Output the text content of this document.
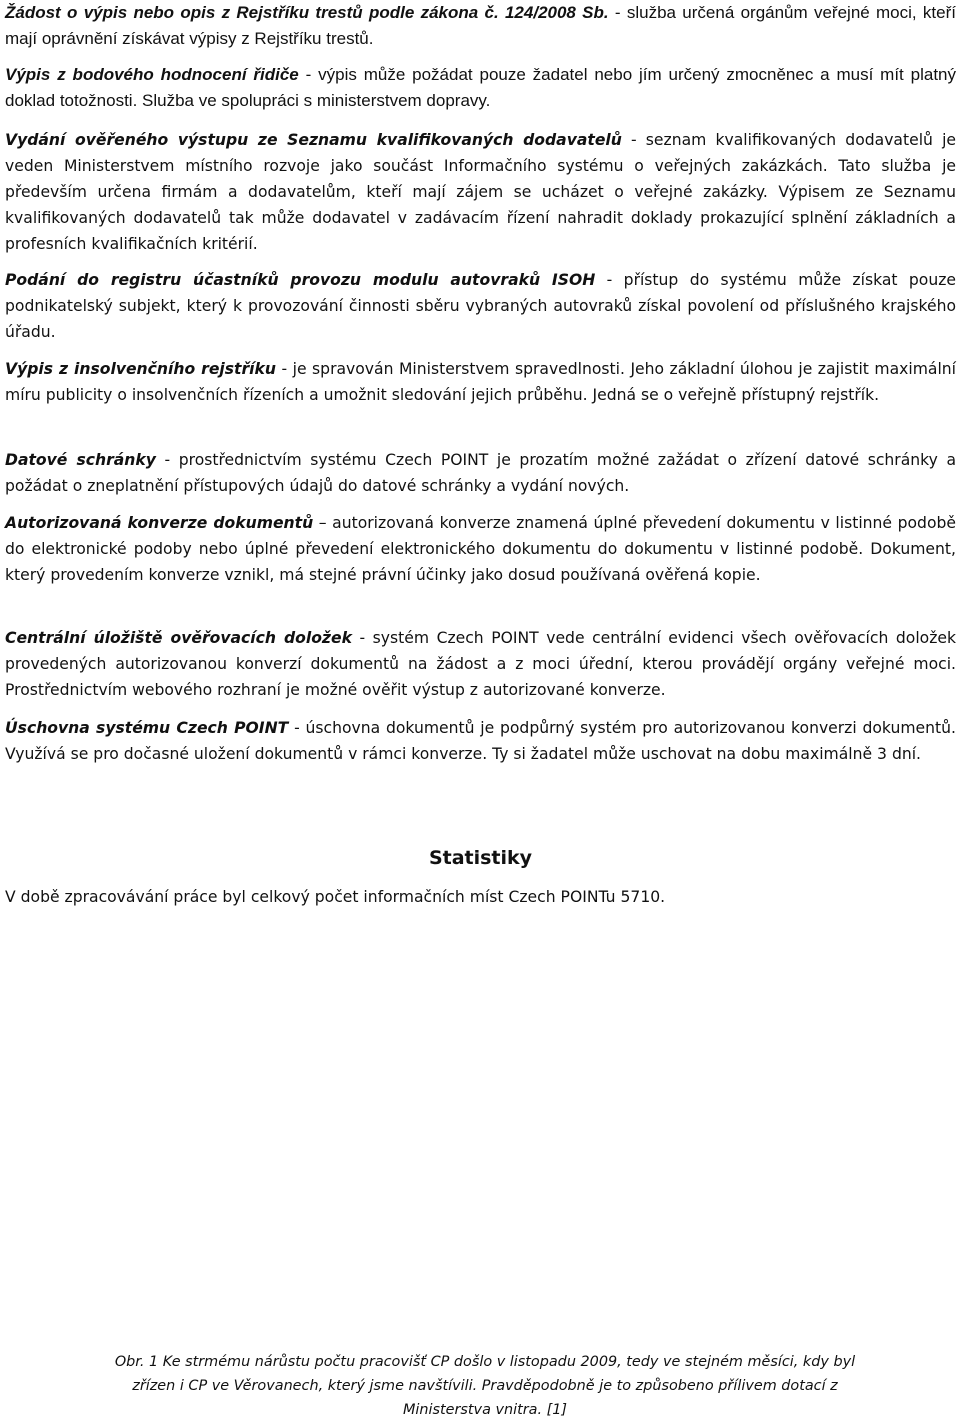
Žádost o výpis nebo opis z Rejstříku trestů podle zákona č. 124/2008 Sb. - služba určená orgánům veřejné moci, kteří mají oprávnění získávat výpisy z Rejstříku trestů.

Výpis z bodového hodnocení řidiče - výpis může požádat pouze žadatel nebo jím určený zmocněnec a musí mít platný doklad totožnosti. Služba ve spolupráci s ministerstvem dopravy.

Vydání ověřeného výstupu ze Seznamu kvalifikovaných dodavatelů - seznam kvalifikovaných dodavatelů je veden Ministerstvem místního rozvoje jako součást Informačního systému o veřejných zakázkách. Tato služba je především určena firmám a dodavatelům, kteří mají zájem se ucházet o veřejné zakázky. Výpisem ze Seznamu kvalifikovaných dodavatelů tak může dodavatel v zadávacím řízení nahradit doklady prokazující splnění základních a profesních kvalifikačních kritérií.

Podání do registru účastníků provozu modulu autovraků ISOH - přístup do systému může získat pouze podnikatelský subjekt, který k provozování činnosti sběru vybraných autovraků získal povolení od příslušného krajského úřadu.

Výpis z insolvenčního rejstříku - je spravován Ministerstvem spravedlnosti. Jeho základní úlohou je zajistit maximální míru publicity o insolvenčních řízeních a umožnit sledování jejich průběhu. Jedná se o veřejně přístupný rejstřík.

Datové schránky - prostřednictvím systému Czech POINT je prozatím možné zažádat o zřízení datové schránky a požádat o zneplatnění přístupových údajů do datové schránky a vydání nových.

Autorizovaná konverze dokumentů – autorizovaná konverze znamená úplné převedení dokumentu v listinné podobě do elektronické podoby nebo úplné převedení elektronického dokumentu do dokumentu v listinné podobě. Dokument, který provedením konverze vznikl, má stejné právní účinky jako dosud používaná ověřená kopie.

Centrální úložiště ověřovacích doložek - systém Czech POINT vede centrální evidenci všech ověřovacích doložek provedených autorizovanou konverzí dokumentů na žádost a z moci úřední, kterou provádějí orgány veřejné moci. Prostřednictvím webového rozhraní je možné ověřit výstup z autorizované konverze.

Úschovna systému Czech POINT - úschovna dokumentů je podpůrný systém pro autorizovanou konverzi dokumentů. Využívá se pro dočasné uložení dokumentů v rámci konverze. Ty si žadatel může uschovat na dobu maximálně 3 dní.

Statistiky

V době zpracovávání práce byl celkový počet informačních míst Czech POINTu 5710.

Obr. 1 Ke strmému nárůstu počtu pracovišť CP došlo v listopadu 2009, tedy ve stejném měsíci, kdy byl zřízen i CP ve Věrovanech, který jsme navštívili. Pravděpodobně je to způsobeno přílivem dotací z Ministerstva vnitra. [1]
